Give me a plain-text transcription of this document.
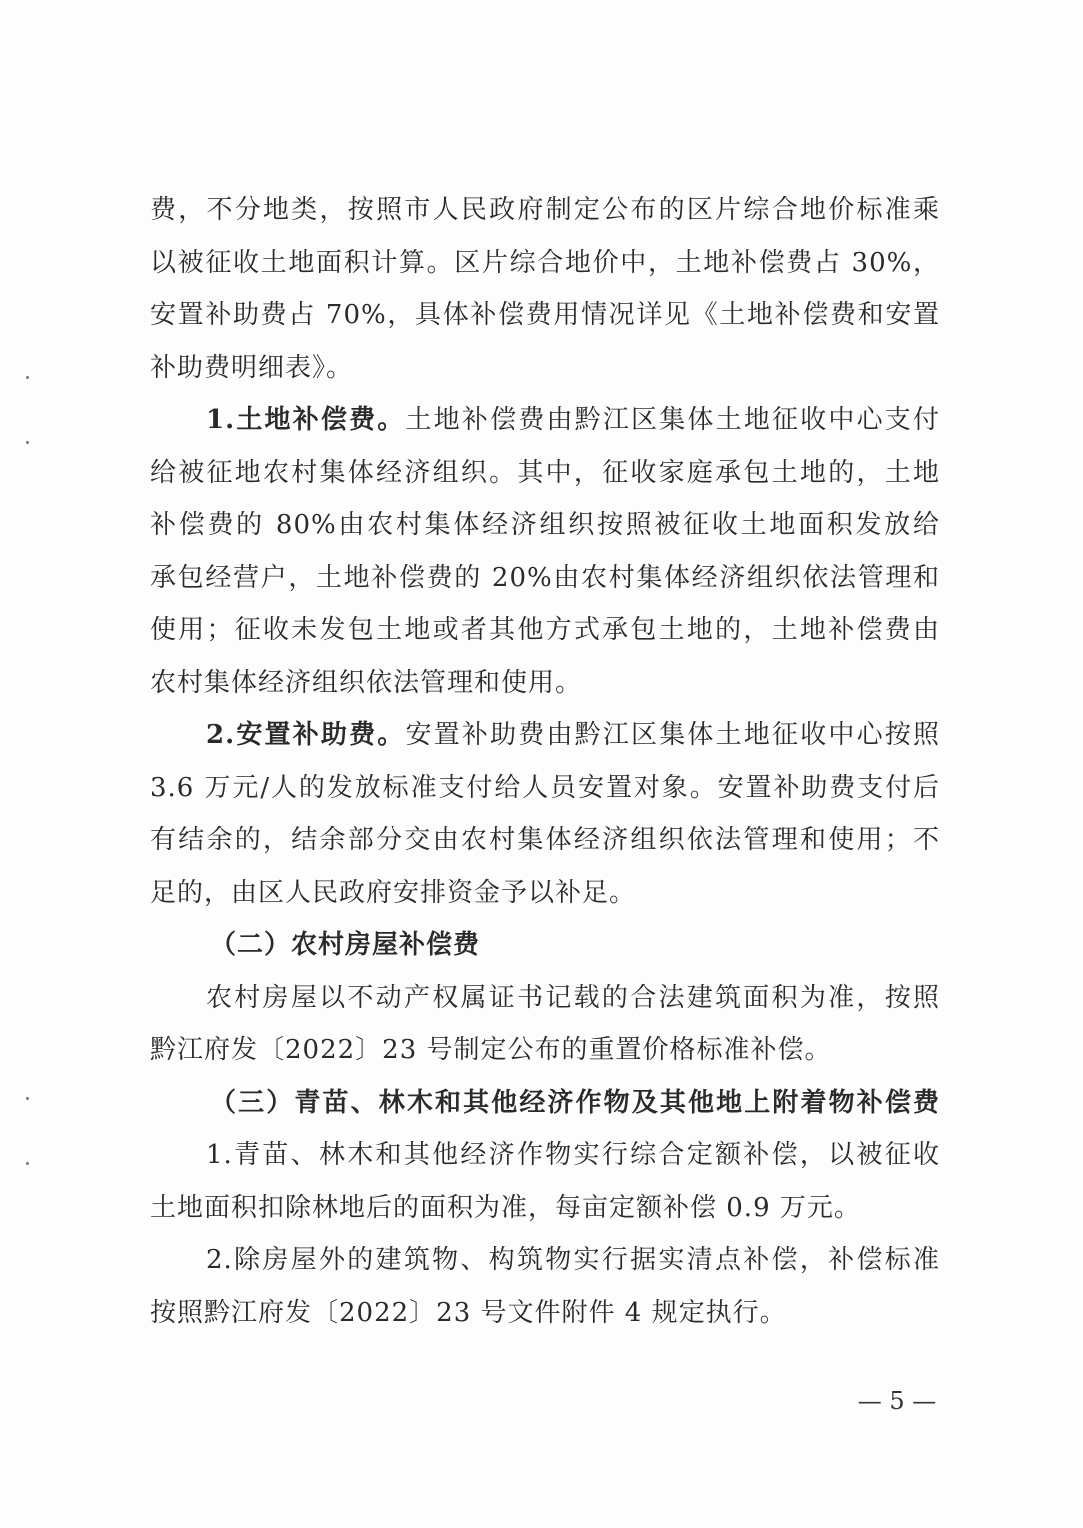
费，不分地类，按照市人民政府制定公布的区片综合地价标准乘
以被征收土地面积计算。区片综合地价中，土地补偿费占 30%，
安置补助费占 70%，具体补偿费用情况详见《土地补偿费和安置
补助费明细表》。
1.土地补偿费。土地补偿费由黔江区集体土地征收中心支付
给被征地农村集体经济组织。其中，征收家庭承包土地的，土地
补偿费的 80%由农村集体经济组织按照被征收土地面积发放给
承包经营户，土地补偿费的 20%由农村集体经济组织依法管理和
使用；征收未发包土地或者其他方式承包土地的，土地补偿费由
农村集体经济组织依法管理和使用。
2.安置补助费。安置补助费由黔江区集体土地征收中心按照
3.6 万元/人的发放标准支付给人员安置对象。安置补助费支付后
有结余的，结余部分交由农村集体经济组织依法管理和使用；不
足的，由区人民政府安排资金予以补足。
（二）农村房屋补偿费
农村房屋以不动产权属证书记载的合法建筑面积为准，按照
黔江府发〔2022〕23 号制定公布的重置价格标准补偿。
（三）青苗、林木和其他经济作物及其他地上附着物补偿费
1.青苗、林木和其他经济作物实行综合定额补偿，以被征收
土地面积扣除林地后的面积为准，每亩定额补偿 0.9 万元。
2.除房屋外的建筑物、构筑物实行据实清点补偿，补偿标准
按照黔江府发〔2022〕23 号文件附件 4 规定执行。
— 5 —
